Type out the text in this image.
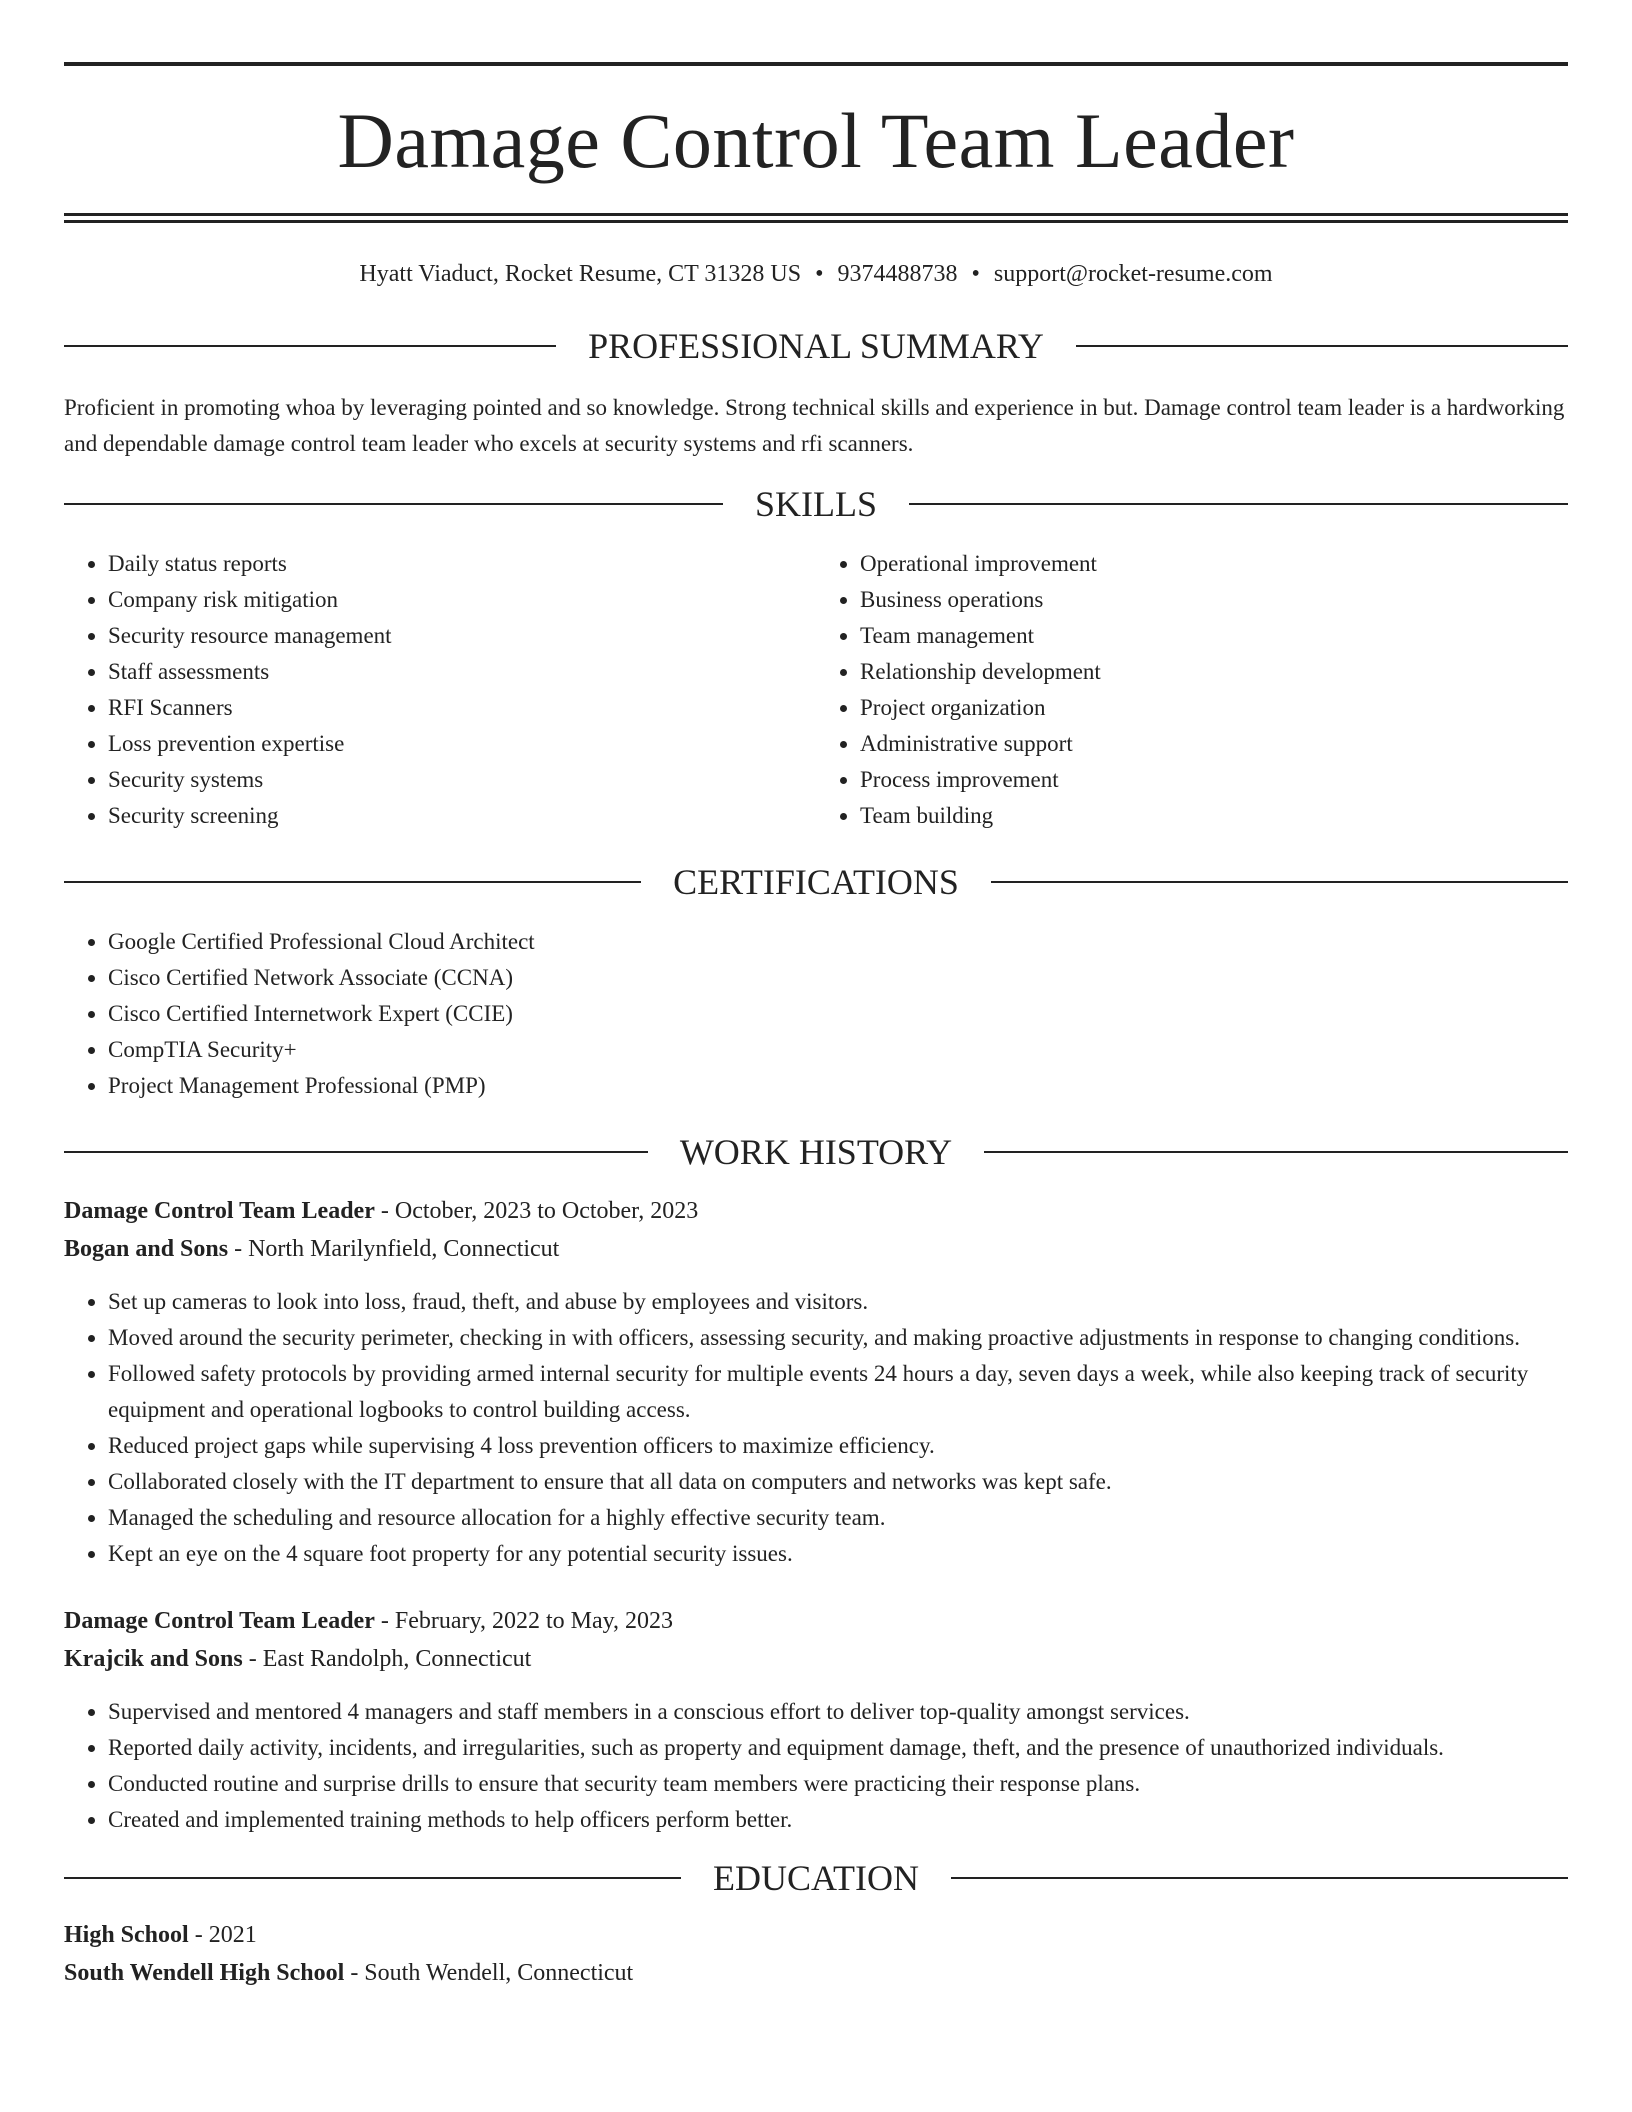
Damage Control Team Leader
Hyatt Viaduct, Rocket Resume, CT 31328 US • 9374488738 • support@rocket-resume.com
PROFESSIONAL SUMMARY

Proficient in promoting whoa by leveraging pointed and so knowledge. Strong technical skills and experience in but. Damage control team leader is a hardworking and dependable damage control team leader who excels at security systems and rfi scanners.

SKILLS
• Daily status reports
• Company risk mitigation
• Security resource management
• Staff assessments
• RFI Scanners
• Loss prevention expertise
• Security systems
• Security screening
• Operational improvement
• Business operations
• Team management
• Relationship development
• Project organization
• Administrative support
• Process improvement
• Team building
CERTIFICATIONS
• Google Certified Professional Cloud Architect
• Cisco Certified Network Associate (CCNA)
• Cisco Certified Internetwork Expert (CCIE)
• CompTIA Security+
• Project Management Professional (PMP)
WORK HISTORY
Damage Control Team Leader - October, 2023 to October, 2023
Bogan and Sons - North Marilynfield, Connecticut
• Set up cameras to look into loss, fraud, theft, and abuse by employees and visitors.
• Moved around the security perimeter, checking in with officers, assessing security, and making proactive adjustments in response to changing conditions.
• Followed safety protocols by providing armed internal security for multiple events 24 hours a day, seven days a week, while also keeping track of security equipment and operational logbooks to control building access.
• Reduced project gaps while supervising 4 loss prevention officers to maximize efficiency.
• Collaborated closely with the IT department to ensure that all data on computers and networks was kept safe.
• Managed the scheduling and resource allocation for a highly effective security team.
• Kept an eye on the 4 square foot property for any potential security issues.
Damage Control Team Leader - February, 2022 to May, 2023
Krajcik and Sons - East Randolph, Connecticut
• Supervised and mentored 4 managers and staff members in a conscious effort to deliver top-quality amongst services.
• Reported daily activity, incidents, and irregularities, such as property and equipment damage, theft, and the presence of unauthorized individuals.
• Conducted routine and surprise drills to ensure that security team members were practicing their response plans.
• Created and implemented training methods to help officers perform better.
EDUCATION
High School - 2021
South Wendell High School - South Wendell, Connecticut
